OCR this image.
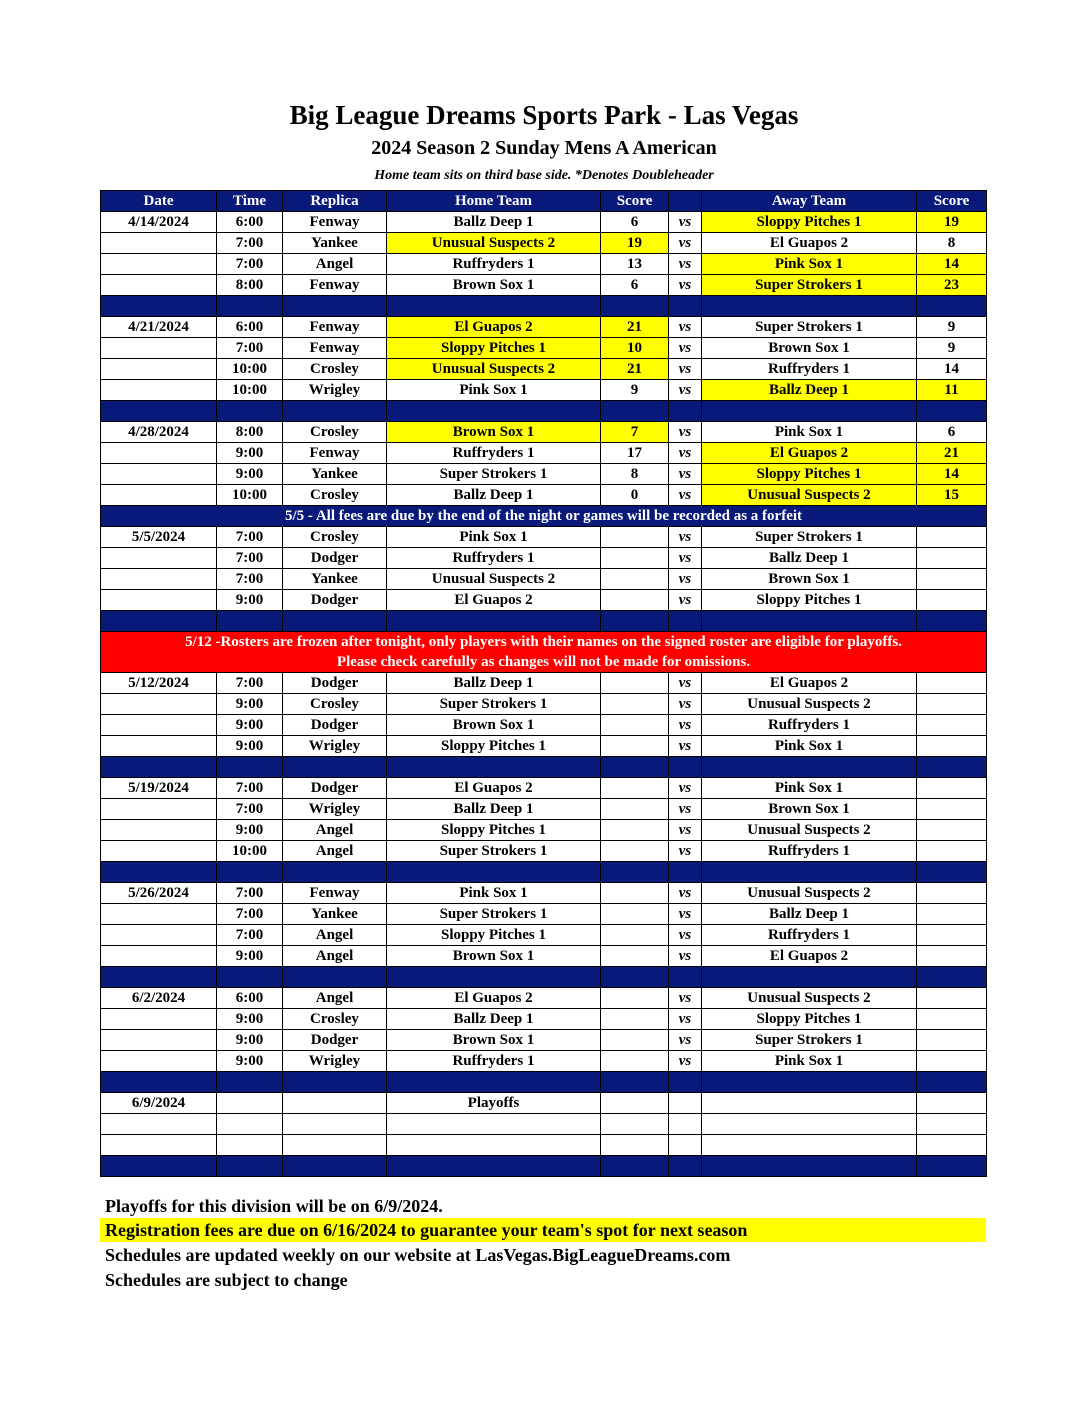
Big League Dreams Sports Park - Las Vegas
2024 Season 2 Sunday Mens A American
Home team sits on third base side. *Denotes Doubleheader
Date	Time	Replica	Home Team	Score		Away Team	Score
4/14/2024	6:00	Fenway	Ballz Deep 1	6	vs	Sloppy Pitches 1	19
	7:00	Yankee	Unusual Suspects 2	19	vs	El Guapos 2	8
	7:00	Angel	Ruffryders 1	13	vs	Pink Sox 1	14
	8:00	Fenway	Brown Sox 1	6	vs	Super Strokers 1	23

4/21/2024	6:00	Fenway	El Guapos 2	21	vs	Super Strokers 1	9
	7:00	Fenway	Sloppy Pitches 1	10	vs	Brown Sox 1	9
	10:00	Crosley	Unusual Suspects 2	21	vs	Ruffryders 1	14
	10:00	Wrigley	Pink Sox 1	9	vs	Ballz Deep 1	11

4/28/2024	8:00	Crosley	Brown Sox 1	7	vs	Pink Sox 1	6
	9:00	Fenway	Ruffryders 1	17	vs	El Guapos 2	21
	9:00	Yankee	Super Strokers 1	8	vs	Sloppy Pitches 1	14
	10:00	Crosley	Ballz Deep 1	0	vs	Unusual Suspects 2	15
5/5 - All fees are due by the end of the night or games will be recorded as a forfeit							
5/5/2024	7:00	Crosley	Pink Sox 1		vs	Super Strokers 1	
	7:00	Dodger	Ruffryders 1		vs	Ballz Deep 1	
	7:00	Yankee	Unusual Suspects 2		vs	Brown Sox 1	
	9:00	Dodger	El Guapos 2		vs	Sloppy Pitches 1	

5/12 -Rosters are frozen after tonight, only players with their names on the signed roster are eligible for playoffs.
Please check carefully as changes will not be made for omissions.							

5/12/2024	7:00	Dodger	Ballz Deep 1		vs	El Guapos 2	
	9:00	Crosley	Super Strokers 1		vs	Unusual Suspects 2	
	9:00	Dodger	Brown Sox 1		vs	Ruffryders 1	
	9:00	Wrigley	Sloppy Pitches 1		vs	Pink Sox 1	

5/19/2024	7:00	Dodger	El Guapos 2		vs	Pink Sox 1	
	7:00	Wrigley	Ballz Deep 1		vs	Brown Sox 1	
	9:00	Angel	Sloppy Pitches 1		vs	Unusual Suspects 2	
	10:00	Angel	Super Strokers 1		vs	Ruffryders 1	

5/26/2024	7:00	Fenway	Pink Sox 1		vs	Unusual Suspects 2	
	7:00	Yankee	Super Strokers 1		vs	Ballz Deep 1	
	7:00	Angel	Sloppy Pitches 1		vs	Ruffryders 1	
	9:00	Angel	Brown Sox 1		vs	El Guapos 2	

6/2/2024	6:00	Angel	El Guapos 2		vs	Unusual Suspects 2	
	9:00	Crosley	Ballz Deep 1		vs	Sloppy Pitches 1	
	9:00	Dodger	Brown Sox 1		vs	Super Strokers 1	
	9:00	Wrigley	Ruffryders 1		vs	Pink Sox 1	

6/9/2024			Playoffs				

Playoffs for this division will be on 6/9/2024.
Registration fees are due on 6/16/2024 to guarantee your team's spot for next season
Schedules are updated weekly on our website at LasVegas.BigLeagueDreams.com
Schedules are subject to change
